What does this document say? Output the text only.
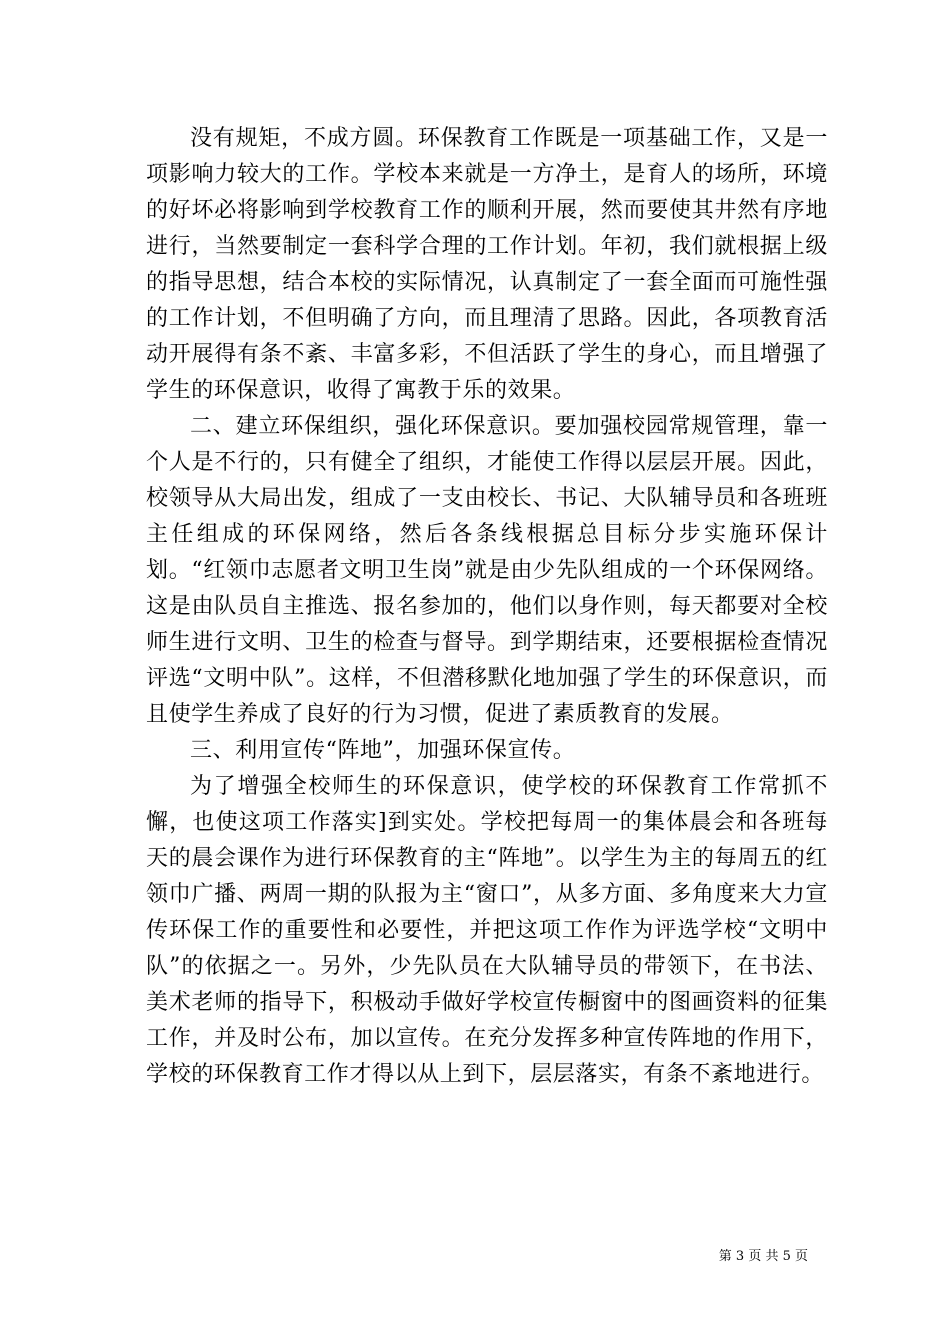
没有规矩，不成方圆。环保教育工作既是一项基础工作，又是一项影响力较大的工作。学校本来就是一方净土，是育人的场所，环境的好坏必将影响到学校教育工作的顺利开展，然而要使其井然有序地进行，当然要制定一套科学合理的工作计划。年初，我们就根据上级的指导思想，结合本校的实际情况，认真制定了一套全面而可施性强的工作计划，不但明确了方向，而且理清了思路。因此，各项教育活动开展得有条不紊、丰富多彩，不但活跃了学生的身心，而且增强了学生的环保意识，收得了寓教于乐的效果。

二、建立环保组织，强化环保意识。要加强校园常规管理，靠一个人是不行的，只有健全了组织，才能使工作得以层层开展。因此，校领导从大局出发，组成了一支由校长、书记、大队辅导员和各班班主任组成的环保网络，然后各条线根据总目标分步实施环保计划。“红领巾志愿者文明卫生岗”就是由少先队组成的一个环保网络。这是由队员自主推选、报名参加的，他们以身作则，每天都要对全校师生进行文明、卫生的检查与督导。到学期结束，还要根据检查情况评选“文明中队”。这样，不但潜移默化地加强了学生的环保意识，而且使学生养成了良好的行为习惯，促进了素质教育的发展。

三、利用宣传“阵地”，加强环保宣传。

为了增强全校师生的环保意识，使学校的环保教育工作常抓不懈，也使这项工作落实]到实处。学校把每周一的集体晨会和各班每天的晨会课作为进行环保教育的主“阵地”。以学生为主的每周五的红领巾广播、两周一期的队报为主“窗口”，从多方面、多角度来大力宣传环保工作的重要性和必要性，并把这项工作作为评选学校“文明中队”的依据之一。另外，少先队员在大队辅导员的带领下，在书法、美术老师的指导下，积极动手做好学校宣传橱窗中的图画资料的征集工作，并及时公布，加以宣传。在充分发挥多种宣传阵地的作用下，学校的环保教育工作才得以从上到下，层层落实，有条不紊地进行。

第 3 页 共 5 页
